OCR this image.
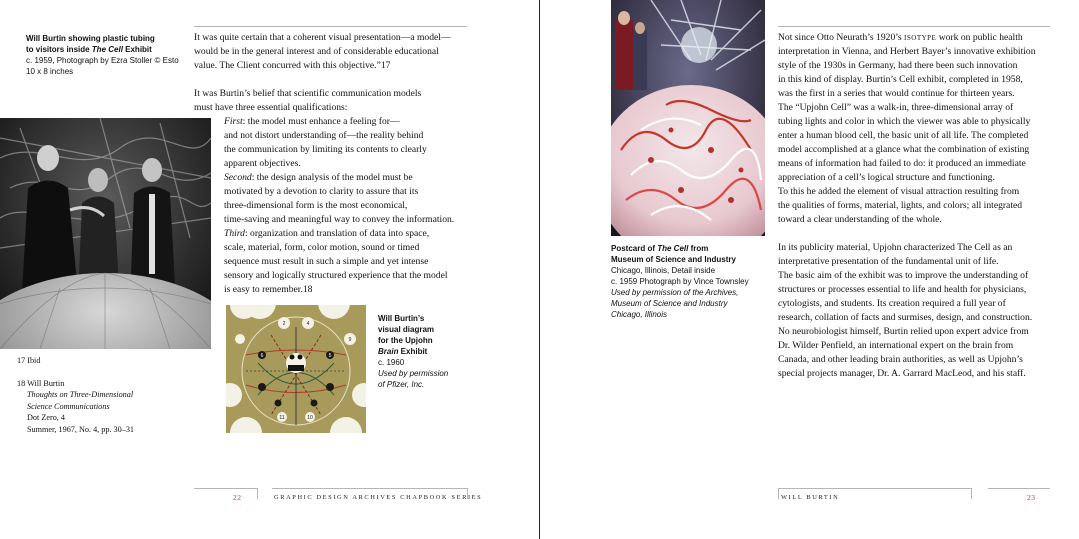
Will Burtin showing plastic tubing
to visitors inside The Cell Exhibit
c. 1959, Photograph by Ezra Stoller © Esto
10 x 8 inches

It was quite certain that a coherent visual presentation—a model—

would be in the general interest and of considerable educational

value. The Client concurred with this objective.”17

It was Burtin’s belief that scientific communication models

must have three essential qualifications:

First: the model must enhance a feeling for—

and not distort understanding of—the reality behind

the communication by limiting its contents to clearly

apparent objectives.

Second: the design analysis of the model must be

motivated by a devotion to clarity to assure that its

three-dimensional form is the most economical,

time-saving and meaningful way to convey the information.

Third: organization and translation of data into space,

scale, material, form, color motion, sound or timed

sequence must result in such a simple and yet intense

sensory and logically structured experience that the model

is easy to remember.18

2	4
9
6	5
11	10
Will Burtin’s
visual diagram
for the Upjohn
Brain Exhibit
c. 1960
Used by permission
of Pfizer, Inc.

17 Ibid

18 Will Burtin

Thoughts on Three-Dimensional

Science Communications

Dot Zero, 4

Summer, 1967, No. 4, pp. 30–31

22	GRAPHIC DESIGN ARCHIVES CHAPBOOK SERIES
Postcard of The Cell from
Museum of Science and Industry
Chicago, Illinois, Detail inside
c. 1959 Photograph by Vince Townsley
Used by permission of the Archives,
Museum of Science and Industry
Chicago, Illinois

Not since Otto Neurath’s 1920’s isotype work on public health

interpretation in Vienna, and Herbert Bayer’s innovative exhibition

style of the 1930s in Germany, had there been such innovation

in this kind of display. Burtin’s Cell exhibit, completed in 1958,

was the first in a series that would continue for thirteen years.

The “Upjohn Cell” was a walk-in, three-dimensional array of

tubing lights and color in which the viewer was able to physically

enter a human blood cell, the basic unit of all life. The completed

model accomplished at a glance what the combination of existing

means of information had failed to do: it produced an immediate

appreciation of a cell’s logical structure and functioning.

To this he added the element of visual attraction resulting from

the qualities of forms, material, lights, and colors; all integrated

toward a clear understanding of the whole.

In its publicity material, Upjohn characterized The Cell as an

interpretative presentation of the fundamental unit of life.

The basic aim of the exhibit was to improve the understanding of

structures or processes essential to life and health for physicians,

cytologists, and students. Its creation required a full year of

research, collation of facts and surmises, design, and construction.

No neurobiologist himself, Burtin relied upon expert advice from

Dr. Wilder Penfield, an international expert on the brain from

Canada, and other leading brain authorities, as well as Upjohn’s

special projects manager, Dr. A. Garrard MacLeod, and his staff.

WILL BURTIN	23
